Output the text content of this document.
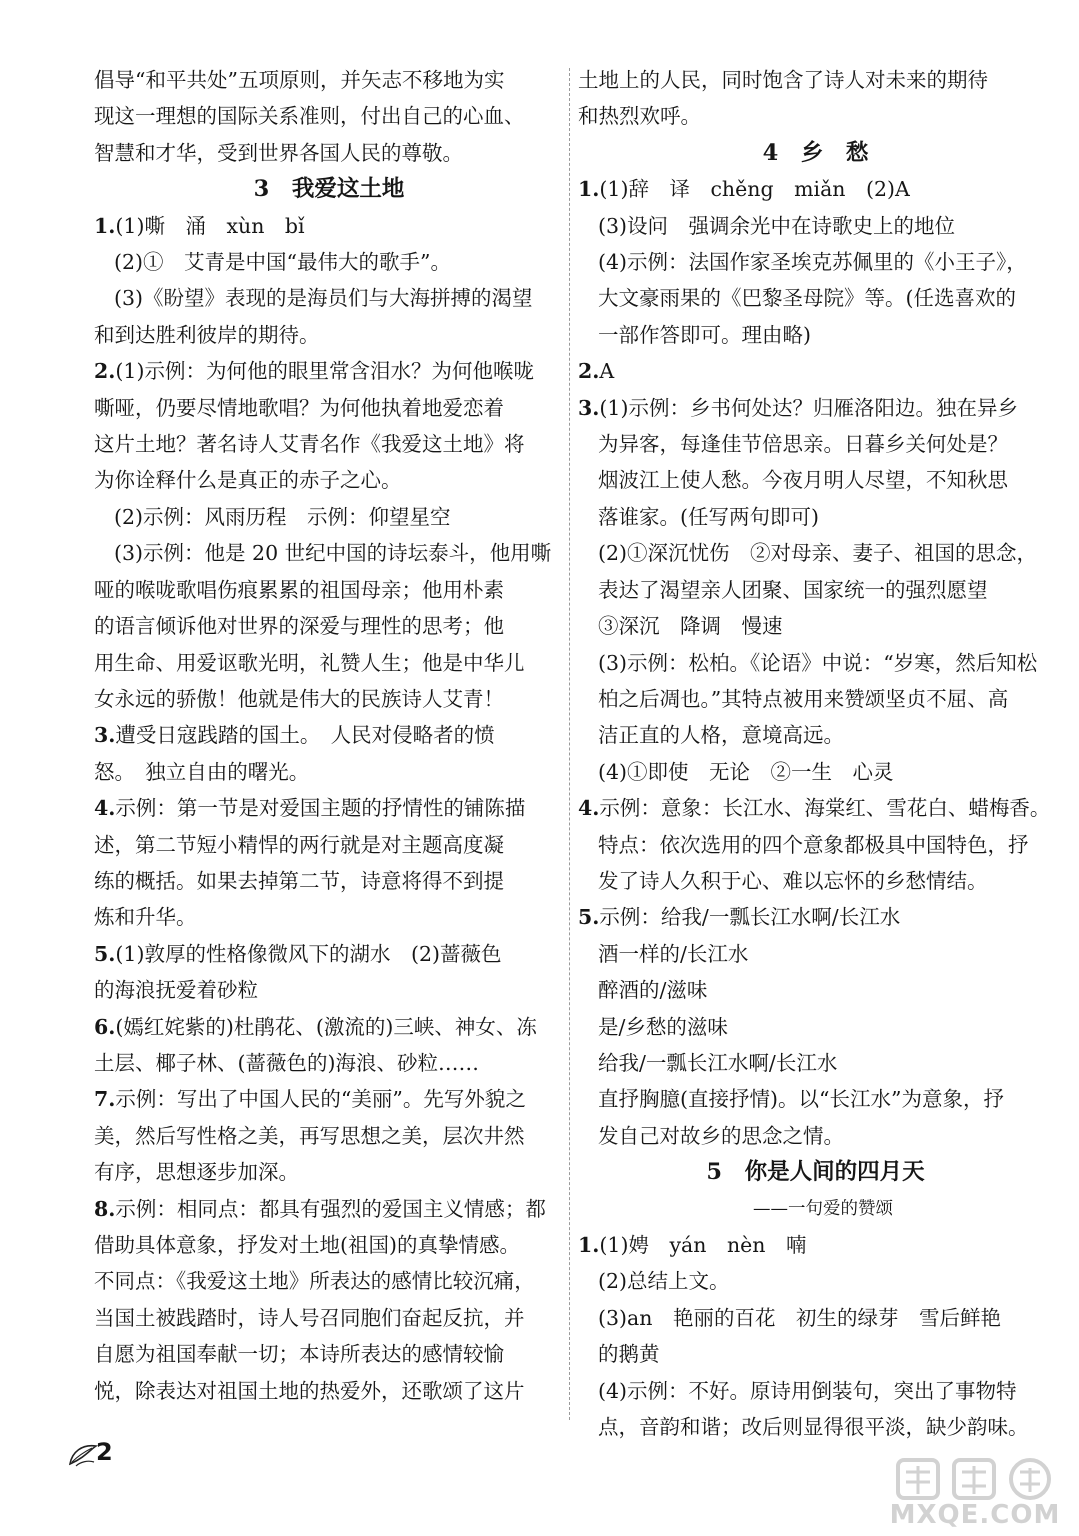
倡导“和平共处”五项原则，并矢志不移地为实
现这一理想的国际关系准则，付出自己的心血、
智慧和才华，受到世界各国人民的尊敬。
3　我爱这土地
1.(1)嘶　涌　xùn　bǐ
(2)①　艾青是中国“最伟大的歌手”。
(3)《盼望》表现的是海员们与大海拼搏的渴望
和到达胜利彼岸的期待。
2.(1)示例：为何他的眼里常含泪水？为何他喉咙
嘶哑，仍要尽情地歌唱？为何他执着地爱恋着
这片土地？著名诗人艾青名作《我爱这土地》将
为你诠释什么是真正的赤子之心。
(2)示例：风雨历程　示例：仰望星空
(3)示例：他是 20 世纪中国的诗坛泰斗，他用嘶
哑的喉咙歌唱伤痕累累的祖国母亲；他用朴素
的语言倾诉他对世界的深爱与理性的思考；他
用生命、用爱讴歌光明，礼赞人生；他是中华儿
女永远的骄傲！他就是伟大的民族诗人艾青！
3.遭受日寇践踏的国土。　人民对侵略者的愤
怒。　独立自由的曙光。
4.示例：第一节是对爱国主题的抒情性的铺陈描
述，第二节短小精悍的两行就是对主题高度凝
练的概括。如果去掉第二节，诗意将得不到提
炼和升华。
5.(1)敦厚的性格像微风下的湖水　(2)蔷薇色
的海浪抚爱着砂粒
6.(嫣红姹紫的)杜鹃花、(激流的)三峡、神女、冻
土层、椰子林、(蔷薇色的)海浪、砂粒……
7.示例：写出了中国人民的“美丽”。先写外貌之
美，然后写性格之美，再写思想之美，层次井然
有序，思想逐步加深。
8.示例：相同点：都具有强烈的爱国主义情感；都
借助具体意象，抒发对土地(祖国)的真挚情感。
不同点：《我爱这土地》所表达的感情比较沉痛，
当国土被践踏时，诗人号召同胞们奋起反抗，并
自愿为祖国奉献一切；本诗所表达的感情较愉
悦，除表达对祖国土地的热爱外，还歌颂了这片
土地上的人民，同时饱含了诗人对未来的期待
和热烈欢呼。
4　乡　愁
1.(1)辞　译　chěng　miǎn　(2)A
(3)设问　强调余光中在诗歌史上的地位
(4)示例：法国作家圣埃克苏佩里的《小王子》，
大文豪雨果的《巴黎圣母院》等。(任选喜欢的
一部作答即可。理由略)
2.A
3.(1)示例：乡书何处达？归雁洛阳边。独在异乡
为异客，每逢佳节倍思亲。日暮乡关何处是？
烟波江上使人愁。今夜月明人尽望，不知秋思
落谁家。(任写两句即可)
(2)①深沉忧伤　②对母亲、妻子、祖国的思念，
表达了渴望亲人团聚、国家统一的强烈愿望
③深沉　降调　慢速
(3)示例：松柏。《论语》中说：“岁寒，然后知松
柏之后凋也。”其特点被用来赞颂坚贞不屈、高
洁正直的人格，意境高远。
(4)①即使　无论　②一生　心灵
4.示例：意象：长江水、海棠红、雪花白、蜡梅香。
特点：依次选用的四个意象都极具中国特色，抒
发了诗人久积于心、难以忘怀的乡愁情结。
5.示例：给我/一瓢长江水啊/长江水
酒一样的/长江水
醉酒的/滋味
是/乡愁的滋味
给我/一瓢长江水啊/长江水
直抒胸臆(直接抒情)。以“长江水”为意象，抒
发自己对故乡的思念之情。
5　你是人间的四月天
——一句爱的赞颂
1.(1)娉　yán　nèn　喃
(2)总结上文。
(3)an　艳丽的百花　初生的绿芽　雪后鲜艳
的鹅黄
(4)示例：不好。原诗用倒装句，突出了事物特
点，音韵和谐；改后则显得很平淡，缺少韵味。
2
MXQE.COM
